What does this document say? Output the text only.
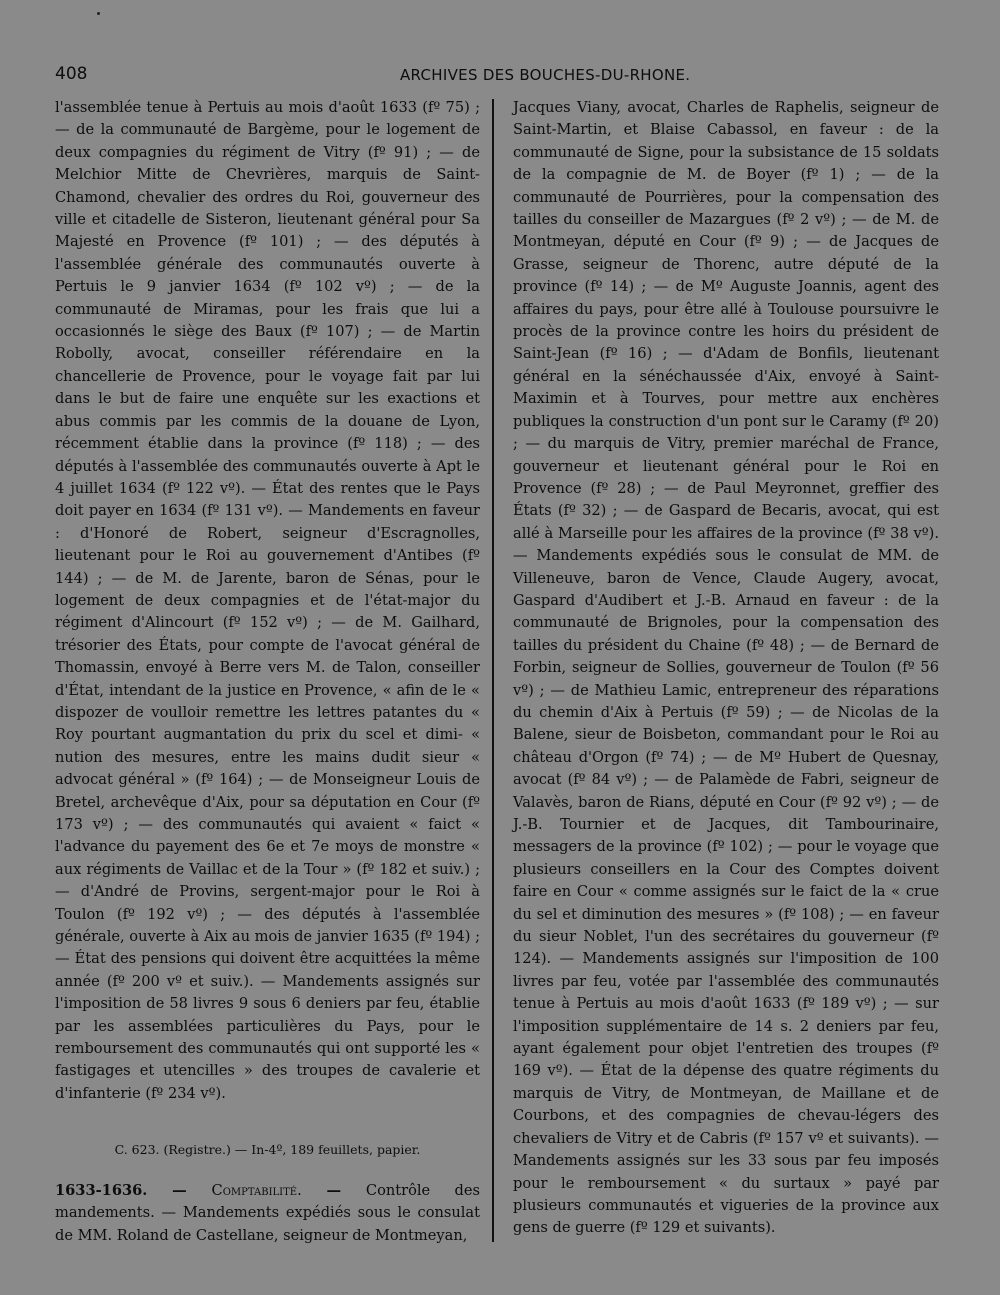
408	ARCHIVES DES BOUCHES-DU-RHONE.

l'assemblée tenue à Pertuis au mois d'août 1633 (fº 75) ; — de la communauté de Bargème, pour le logement de deux compagnies du régiment de Vitry (fº 91) ; — de Melchior Mitte de Chevrières, marquis de Saint-Chamond, chevalier des ordres du Roi, gouverneur des ville et citadelle de Sisteron, lieutenant général pour Sa Majesté en Provence (fº 101) ; — des députés à l'assemblée générale des communautés ouverte à Pertuis le 9 janvier 1634 (fº 102 vº) ; — de la communauté de Miramas, pour les frais que lui a occasionnés le siège des Baux (fº 107) ; — de Martin Robolly, avocat, conseiller référendaire en la chancellerie de Provence, pour le voyage fait par lui dans le but de faire une enquête sur les exactions et abus commis par les commis de la douane de Lyon, récemment établie dans la province (fº 118) ; — des députés à l'assemblée des communautés ouverte à Apt le 4 juillet 1634 (fº 122 vº). — État des rentes que le Pays doit payer en 1634 (fº 131 vº). — Mandements en faveur : d'Honoré de Robert, seigneur d'Escragnolles, lieutenant pour le Roi au gouvernement d'Antibes (fº 144) ; — de M. de Jarente, baron de Sénas, pour le logement de deux compagnies et de l'état-major du régiment d'Alincourt (fº 152 vº) ; — de M. Gailhard, trésorier des États, pour compte de l'avocat général de Thomassin, envoyé à Berre vers M. de Talon, conseiller d'État, intendant de la justice en Provence, « afin de le « dispozer de voulloir remettre les lettres patantes du « Roy pourtant augmantation du prix du scel et dimi- « nution des mesures, entre les mains dudit sieur « advocat général » (fº 164) ; — de Monseigneur Louis de Bretel, archevêque d'Aix, pour sa députation en Cour (fº 173 vº) ; — des communautés qui avaient « faict « l'advance du payement des 6e et 7e moys de monstre « aux régiments de Vaillac et de la Tour » (fº 182 et suiv.) ; — d'André de Provins, sergent-major pour le Roi à Toulon (fº 192 vº) ; — des députés à l'assemblée générale, ouverte à Aix au mois de janvier 1635 (fº 194) ; — État des pensions qui doivent être acquittées la même année (fº 200 vº et suiv.). — Mandements assignés sur l'imposition de 58 livres 9 sous 6 deniers par feu, établie par les assemblées particulières du Pays, pour le remboursement des communautés qui ont supporté les « fastigages et utencilles » des troupes de cavalerie et d'infanterie (fº 234 vº).

C. 623. (Registre.) — In-4º, 189 feuillets, papier.

1633-1636. — Comptabilité. — Contrôle des mandements. — Mandements expédiés sous le consulat de MM. Roland de Castellane, seigneur de Montmeyan,

Jacques Viany, avocat, Charles de Raphelis, seigneur de Saint-Martin, et Blaise Cabassol, en faveur : de la communauté de Signe, pour la subsistance de 15 soldats de la compagnie de M. de Boyer (fº 1) ; — de la communauté de Pourrières, pour la compensation des tailles du conseiller de Mazargues (fº 2 vº) ; — de M. de Montmeyan, député en Cour (fº 9) ; — de Jacques de Grasse, seigneur de Thorenc, autre député de la province (fº 14) ; — de Mº Auguste Joannis, agent des affaires du pays, pour être allé à Toulouse poursuivre le procès de la province contre les hoirs du président de Saint-Jean (fº 16) ; — d'Adam de Bonfils, lieutenant général en la sénéchaussée d'Aix, envoyé à Saint-Maximin et à Tourves, pour mettre aux enchères publiques la construction d'un pont sur le Caramy (fº 20) ; — du marquis de Vitry, premier maréchal de France, gouverneur et lieutenant général pour le Roi en Provence (fº 28) ; — de Paul Meyronnet, greffier des États (fº 32) ; — de Gaspard de Becaris, avocat, qui est allé à Marseille pour les affaires de la province (fº 38 vº). — Mandements expédiés sous le consulat de MM. de Villeneuve, baron de Vence, Claude Augery, avocat, Gaspard d'Audibert et J.-B. Arnaud en faveur : de la communauté de Brignoles, pour la compensation des tailles du président du Chaine (fº 48) ; — de Bernard de Forbin, seigneur de Sollies, gouverneur de Toulon (fº 56 vº) ; — de Mathieu Lamic, entrepreneur des réparations du chemin d'Aix à Pertuis (fº 59) ; — de Nicolas de la Balene, sieur de Boisbeton, commandant pour le Roi au château d'Orgon (fº 74) ; — de Mº Hubert de Quesnay, avocat (fº 84 vº) ; — de Palamède de Fabri, seigneur de Valavès, baron de Rians, député en Cour (fº 92 vº) ; — de J.-B. Tournier et de Jacques, dit Tambourinaire, messagers de la province (fº 102) ; — pour le voyage que plusieurs conseillers en la Cour des Comptes doivent faire en Cour « comme assignés sur le faict de la « crue du sel et diminution des mesures » (fº 108) ; — en faveur du sieur Noblet, l'un des secrétaires du gouverneur (fº 124). — Mandements assignés sur l'imposition de 100 livres par feu, votée par l'assemblée des communautés tenue à Pertuis au mois d'août 1633 (fº 189 vº) ; — sur l'imposition supplémentaire de 14 s. 2 deniers par feu, ayant également pour objet l'entretien des troupes (fº 169 vº). — État de la dépense des quatre régiments du marquis de Vitry, de Montmeyan, de Maillane et de Courbons, et des compagnies de chevau-légers des chevaliers de Vitry et de Cabris (fº 157 vº et suivants). — Mandements assignés sur les 33 sous par feu imposés pour le remboursement « du surtaux » payé par plusieurs communautés et vigueries de la province aux gens de guerre (fº 129 et suivants).
